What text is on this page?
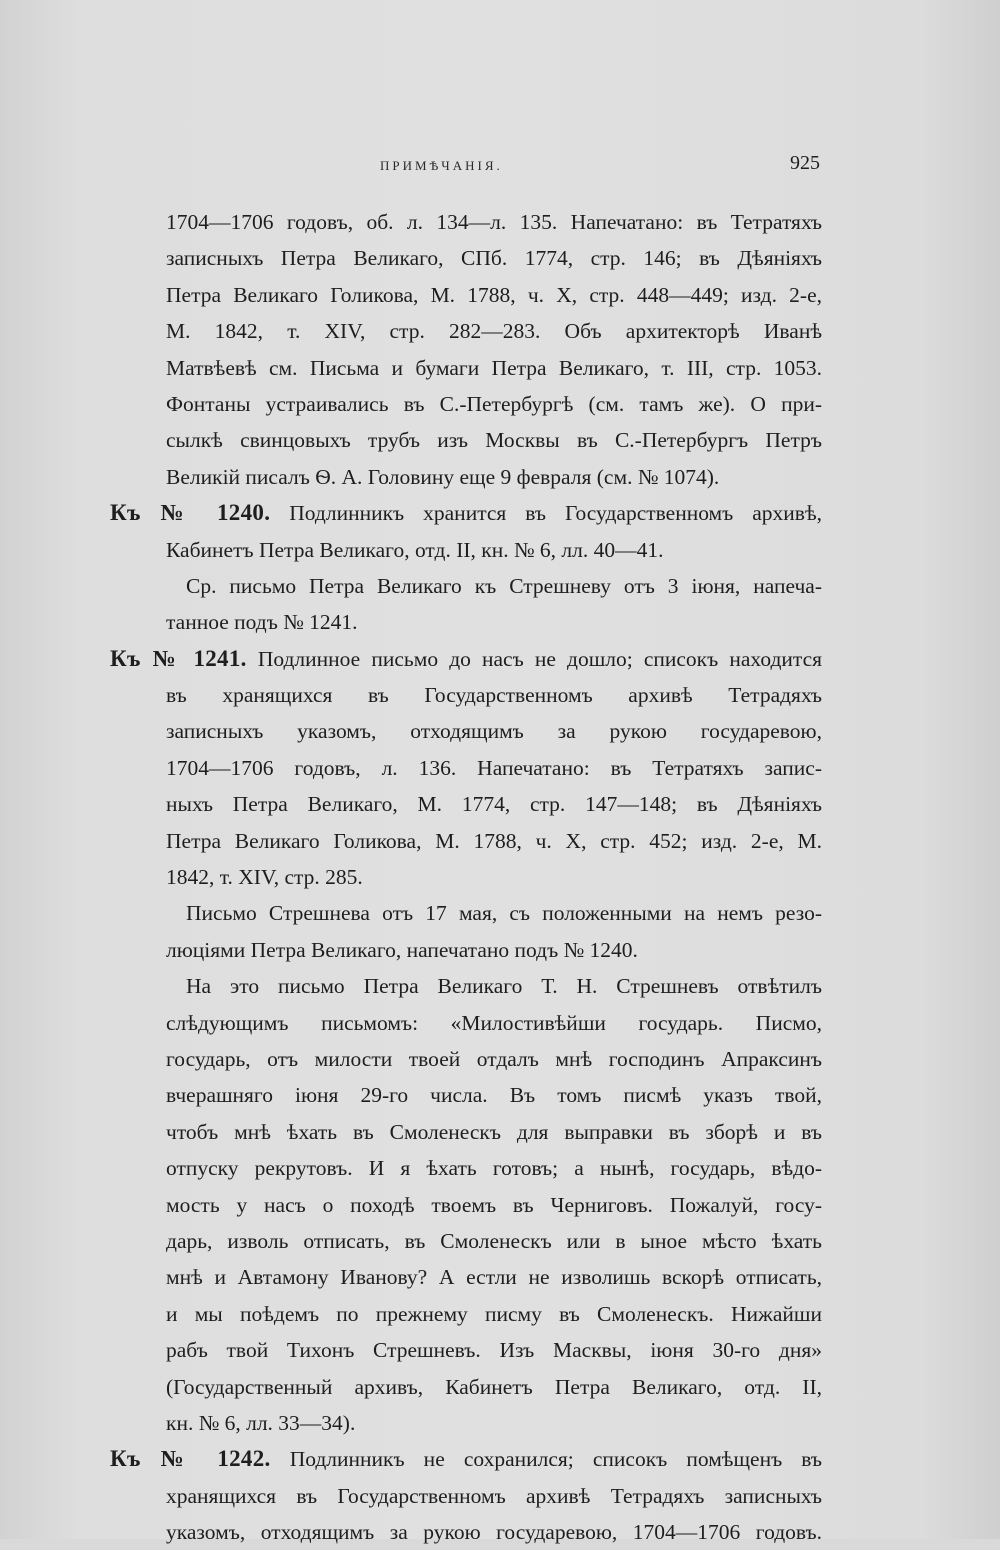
ПРИМѢЧАНІЯ.	925
1704—1706 годовъ, об. л. 134—л. 135. Напечатано: въ Тетратяхъ
записныхъ Петра Великаго, СПб. 1774, стр. 146; въ Дѣяніяхъ
Петра Великаго Голикова, М. 1788, ч. X, стр. 448—449; изд. 2-е,
М. 1842, т. XIV, стр. 282—283. Объ архитекторѣ Иванѣ
Матвѣевѣ см. Письма и бумаги Петра Великаго, т. III, стр. 1053.
Фонтаны устраивались въ С.-Петербургѣ (см. тамъ же). О при-
сылкѣ свинцовыхъ трубъ изъ Москвы въ С.-Петербургъ Петръ
Великій писалъ Ѳ. А. Головину еще 9 февраля (см. № 1074).
Къ № 1240. Подлинникъ хранится въ Государственномъ архивѣ,
Кабинетъ Петра Великаго, отд. II, кн. № 6, лл. 40—41.
Ср. письмо Петра Великаго къ Стрешневу отъ 3 іюня, напеча-
танное подъ № 1241.
Къ № 1241. Подлинное письмо до насъ не дошло; списокъ находится
въ хранящихся въ Государственномъ архивѣ Тетрадяхъ
записныхъ указомъ, отходящимъ за рукою государевою,
1704—1706 годовъ, л. 136. Напечатано: въ Тетратяхъ запис-
ныхъ Петра Великаго, М. 1774, стр. 147—148; въ Дѣяніяхъ
Петра Великаго Голикова, М. 1788, ч. X, стр. 452; изд. 2-е, М.
1842, т. XIV, стр. 285.
Письмо Стрешнева отъ 17 мая, съ положенными на немъ резо-
люціями Петра Великаго, напечатано подъ № 1240.
На это письмо Петра Великаго Т. Н. Стрешневъ отвѣтилъ
слѣдующимъ письмомъ: «Милостивѣйши государь. Писмо,
государь, отъ милости твоей отдалъ мнѣ господинъ Апраксинъ
вчерашняго іюня 29-го числа. Въ томъ писмѣ указъ твой,
чтобъ мнѣ ѣхать въ Смоленескъ для выправки въ зборѣ и въ
отпуску рекрутовъ. И я ѣхать готовъ; а нынѣ, государь, вѣдо-
мость у насъ о походѣ твоемъ въ Черниговъ. Пожалуй, госу-
дарь, изволь отписать, въ Смоленескъ или в ыное мѣсто ѣхать
мнѣ и Автамону Иванову? А естли не изволишь вскорѣ отписать,
и мы поѣдемъ по прежнему писму въ Смоленескъ. Нижайши
рабъ твой Тихонъ Стрешневъ. Изъ Масквы, іюня 30-го дня»
(Государственный архивъ, Кабинетъ Петра Великаго, отд. II,
кн. № 6, лл. 33—34).
Къ № 1242. Подлинникъ не сохранился; списокъ помѣщенъ въ
хранящихся въ Государственномъ архивѣ Тетрадяхъ записныхъ
указомъ, отходящимъ за рукою государевою, 1704—1706 годовъ.
